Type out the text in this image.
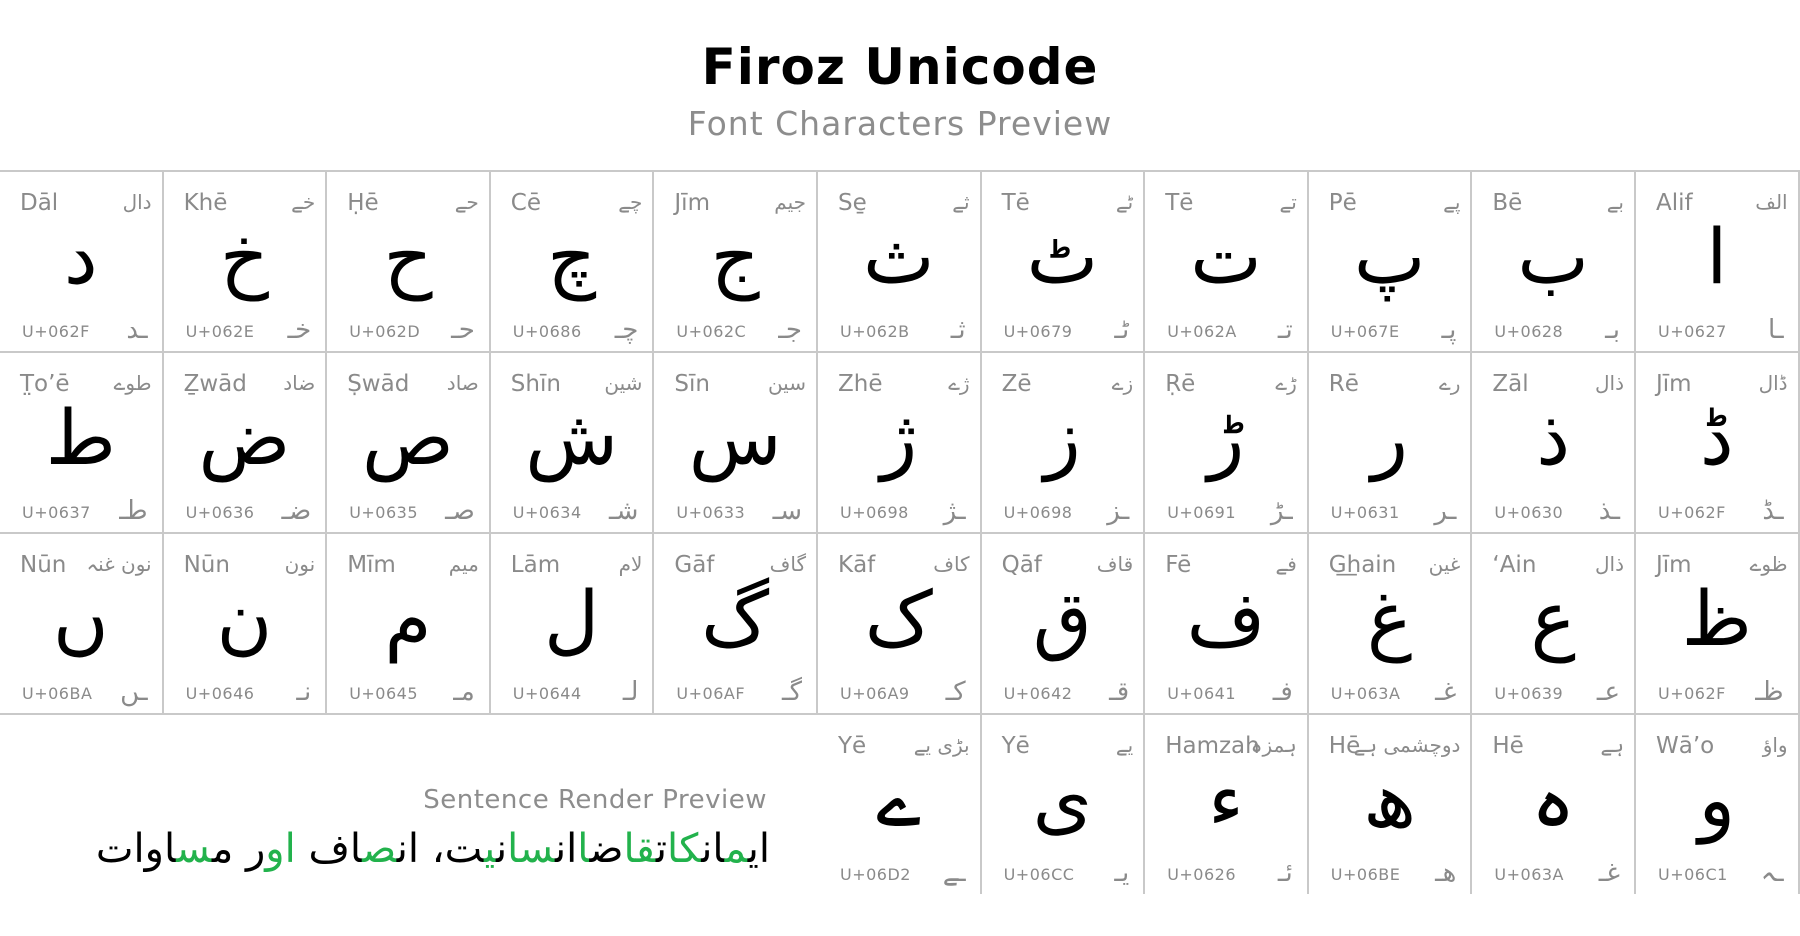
Firoz Unicode
Font Characters Preview
Dāl	دال
د
U+062F ـد
Khē	خے
خ
U+062E خـ
Ḥē	حے
ح
U+062D حـ
Cē	چے
چ
U+0686 چـ
Jīm	جیم
ج
U+062C جـ
Se̱	ثے
ث
U+062B ثـ
Tē	ٹے
ٹ
U+0679 ٹـ
Tē	تے
ت
U+062A تـ
Pē	پے
پ
U+067E پـ
Bē	بے
ب
U+0628 بـ
Alif	الف
ا
U+0627 ـا
T̤o’ē طوے
ط
U+0637 طـ
Ẕwād ضاد
ض
U+0636 ضـ
Ṣwād صاد
ص
U+0635 صـ
Shīn شین
ش
U+0634 شـ
Sīn	سین
س
U+0633 سـ
Zhē	ژے
ژ
U+0698 ـژ
Zē	زے
ز
U+0698 ـز
Ṛē	ڑے
ڑ
U+0691 ـڑ
Rē	رے
ر
U+0631 ـر
Zāl	ذال
ذ
U+0630 ـذ
Jīm	ڈال
ڈ
U+062F ـڈ
Nūn نون غنہ
ں
U+06BA ـں
Nūn	نون
ن
U+0646 نـ
Mīm	میم
م
U+0645 مـ
Lām	لام
ل
U+0644 لـ
Gāf	گاف
گ
U+06AF گـ
Kāf	کاف
ک
U+06A9 کـ
Qāf	قاف
ق
U+0642 قـ
Fē	فے
ف
U+0641 فـ
G͟hain غین
غ
U+063A غـ
‘Ain	ذال
ع
U+0639 عـ
Jīm	ظوے
ظ
U+062F ظـ
Yē بڑی یے
ے
U+06D2 ـے
Yē	یے
ی
U+06CC یـ
Hamzah
ہمزہ
ء
U+0626 ئـ
Hē
دوچشمی ہے
ھ
U+06BE ھـ
Hē	ہے
ہ
U+063A غـ
Wā’o واؤ
و
U+06C1 ـہ
Sentence Render Preview
ایمانکاتقاضاانسانیت، انصاف اور مساوات
